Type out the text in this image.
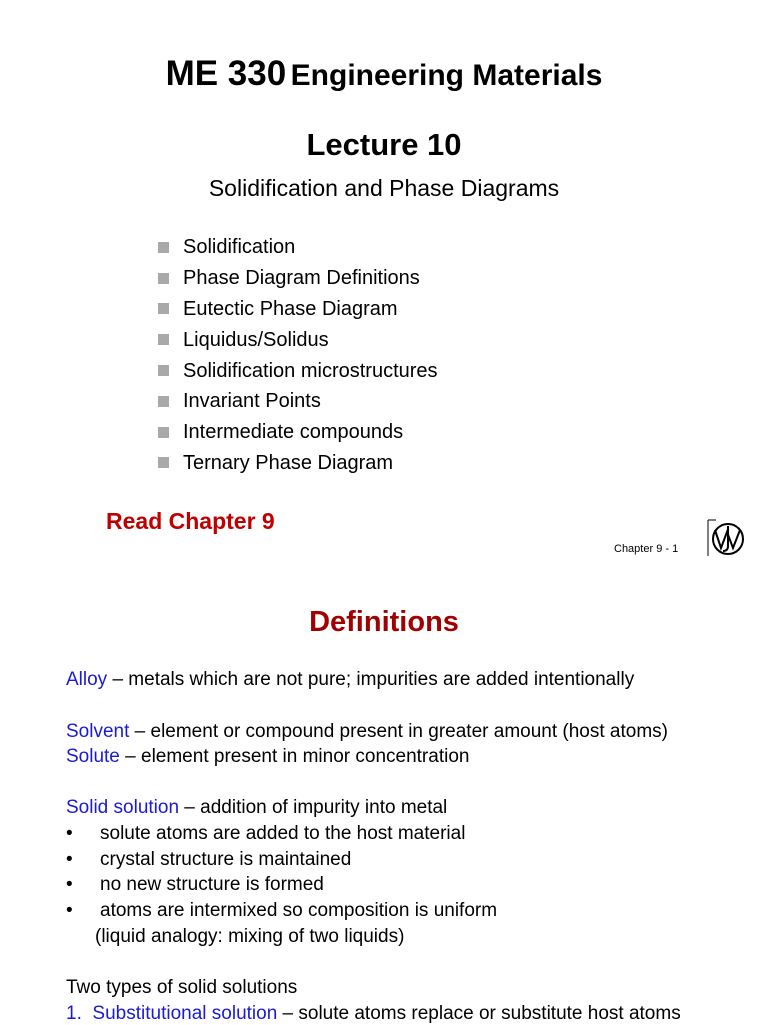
ME 330 Engineering Materials
Lecture 10
Solidification and Phase Diagrams
Solidification
Phase Diagram Definitions
Eutectic Phase Diagram
Liquidus/Solidus
Solidification microstructures
Invariant Points
Intermediate compounds
Ternary Phase Diagram
Read Chapter 9
Chapter 9 - 1
Definitions
Alloy – metals which are not pure; impurities are added intentionally
Solvent – element or compound present in greater amount (host atoms)
Solute – element present in minor concentration
Solid solution – addition of impurity into metal
• solute atoms are added to the host material
• crystal structure is maintained
• no new structure is formed
• atoms are intermixed so composition is uniform
(liquid analogy: mixing of two liquids)
Two types of solid solutions
1. Substitutional solution – solute atoms replace or substitute host atoms
